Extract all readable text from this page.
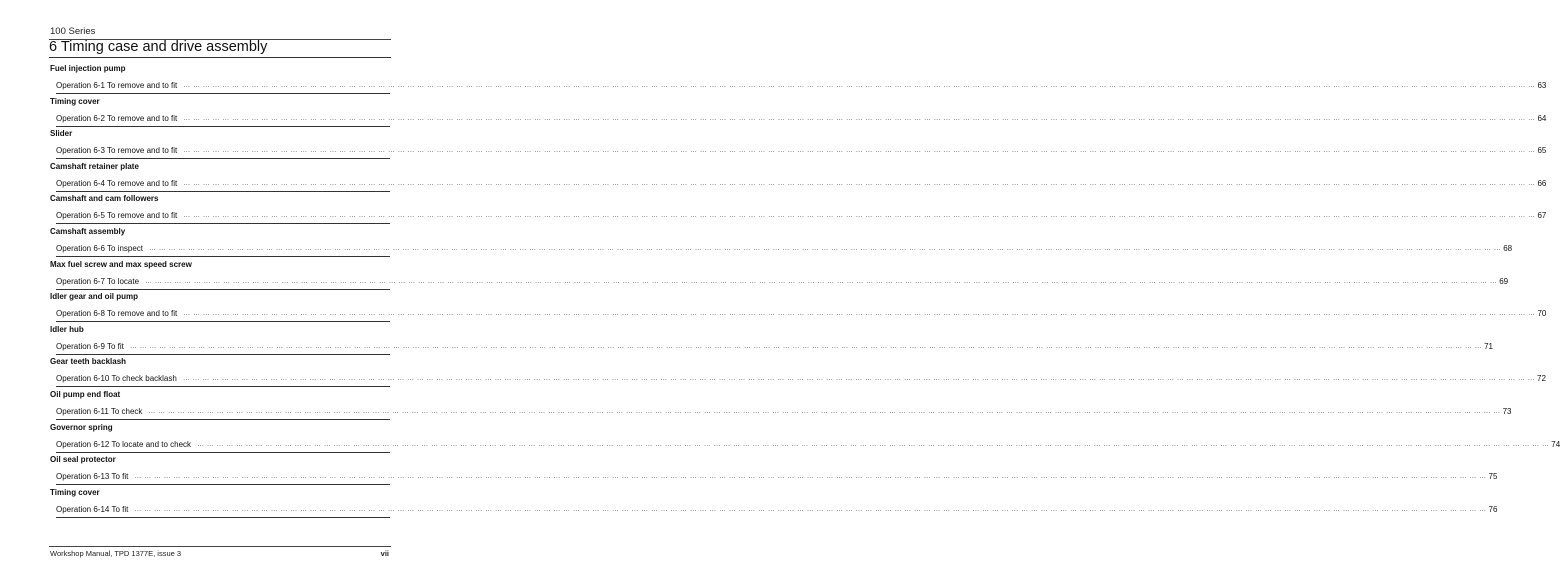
100 Series
6 Timing case and drive assembly
Fuel injection pump
Operation 6-1 To remove and to fit … … … … … … … … … … … … … … … … … … … … … … … … … … … … … … … … … … … … … … … … … … … … … … … … … … … … … … … … … … … … … … … … … … … … … … … … … … … … … … … … … … … … … … … … … … … … … … … … … … … … … … … … … … … … … … … … … … … … … … … … … … … … … … … … … … … … … … … … … … … 63
Timing cover
Operation 6-2 To remove and to fit … … … … … … … … … … … … … … … … … … … … … … … … … … … … … … … … … … … … … … … … … … … … … … … … … … … … … … … … … … … … … … … … … … … … … … … … … … … … … … … … … … … … … … … … … … … … … … … … … … … … … … … … … … … … … … … … … … … … … … … … … … … … … … … … … … … … … … … … … … … 64
Slider
Operation 6-3 To remove and to fit … … … … … … … … … … … … … … … … … … … … … … … … … … … … … … … … … … … … … … … … … … … … … … … … … … … … … … … … … … … … … … … … … … … … … … … … … … … … … … … … … … … … … … … … … … … … … … … … … … … … … … … … … … … … … … … … … … … … … … … … … … … … … … … … … … … … … … … … … … … 65
Camshaft retainer plate
Operation 6-4 To remove and to fit … … … … … … … … … … … … … … … … … … … … … … … … … … … … … … … … … … … … … … … … … … … … … … … … … … … … … … … … … … … … … … … … … … … … … … … … … … … … … … … … … … … … … … … … … … … … … … … … … … … … … … … … … … … … … … … … … … … … … … … … … … … … … … … … … … … … … … … … … … … 66
Camshaft and cam followers
Operation 6-5 To remove and to fit … … … … … … … … … … … … … … … … … … … … … … … … … … … … … … … … … … … … … … … … … … … … … … … … … … … … … … … … … … … … … … … … … … … … … … … … … … … … … … … … … … … … … … … … … … … … … … … … … … … … … … … … … … … … … … … … … … … … … … … … … … … … … … … … … … … … … … … … … … … 67
Camshaft assembly
Operation 6-6 To inspect … … … … … … … … … … … … … … … … … … … … … … … … … … … … … … … … … … … … … … … … … … … … … … … … … … … … … … … … … … … … … … … … … … … … … … … … … … … … … … … … … … … … … … … … … … … … … … … … … … … … … … … … … … … … … … … … … … … … … … … … … … … … … … … … … … … … … … … … … … … 68
Max fuel screw and max speed screw
Operation 6-7 To locate … … … … … … … … … … … … … … … … … … … … … … … … … … … … … … … … … … … … … … … … … … … … … … … … … … … … … … … … … … … … … … … … … … … … … … … … … … … … … … … … … … … … … … … … … … … … … … … … … … … … … … … … … … … … … … … … … … … … … … … … … … … … … … … … … … … … … … … … … … … 69
Idler gear and oil pump
Operation 6-8 To remove and to fit … … … … … … … … … … … … … … … … … … … … … … … … … … … … … … … … … … … … … … … … … … … … … … … … … … … … … … … … … … … … … … … … … … … … … … … … … … … … … … … … … … … … … … … … … … … … … … … … … … … … … … … … … … … … … … … … … … … … … … … … … … … … … … … … … … … … … … … … … … … 70
Idler hub
Operation 6-9 To fit … … … … … … … … … … … … … … … … … … … … … … … … … … … … … … … … … … … … … … … … … … … … … … … … … … … … … … … … … … … … … … … … … … … … … … … … … … … … … … … … … … … … … … … … … … … … … … … … … … … … … … … … … … … … … … … … … … … … … … … … … … … … … … … … … … … … … … … … … … … 71
Gear teeth backlash
Operation 6-10 To check backlash … … … … … … … … … … … … … … … … … … … … … … … … … … … … … … … … … … … … … … … … … … … … … … … … … … … … … … … … … … … … … … … … … … … … … … … … … … … … … … … … … … … … … … … … … … … … … … … … … … … … … … … … … … … … … … … … … … … … … … … … … … … … … … … … … … … … … … … … … … … 72
Oil pump end float
Operation 6-11 To check … … … … … … … … … … … … … … … … … … … … … … … … … … … … … … … … … … … … … … … … … … … … … … … … … … … … … … … … … … … … … … … … … … … … … … … … … … … … … … … … … … … … … … … … … … … … … … … … … … … … … … … … … … … … … … … … … … … … … … … … … … … … … … … … … … … … … … … … … … … 73
Governor spring
Operation 6-12 To locate and to check … … … … … … … … … … … … … … … … … … … … … … … … … … … … … … … … … … … … … … … … … … … … … … … … … … … … … … … … … … … … … … … … … … … … … … … … … … … … … … … … … … … … … … … … … … … … … … … … … … … … … … … … … … … … … … … … … … … … … … … … … … … … … … … … … … … … … … … … … … … 74
Oil seal protector
Operation 6-13 To fit … … … … … … … … … … … … … … … … … … … … … … … … … … … … … … … … … … … … … … … … … … … … … … … … … … … … … … … … … … … … … … … … … … … … … … … … … … … … … … … … … … … … … … … … … … … … … … … … … … … … … … … … … … … … … … … … … … … … … … … … … … … … … … … … … … … … … … … … … … … 75
Timing cover
Operation 6-14 To fit … … … … … … … … … … … … … … … … … … … … … … … … … … … … … … … … … … … … … … … … … … … … … … … … … … … … … … … … … … … … … … … … … … … … … … … … … … … … … … … … … … … … … … … … … … … … … … … … … … … … … … … … … … … … … … … … … … … … … … … … … … … … … … … … … … … … … … … … … … … 76
Workshop Manual, TPD 1377E, issue 3	vii
